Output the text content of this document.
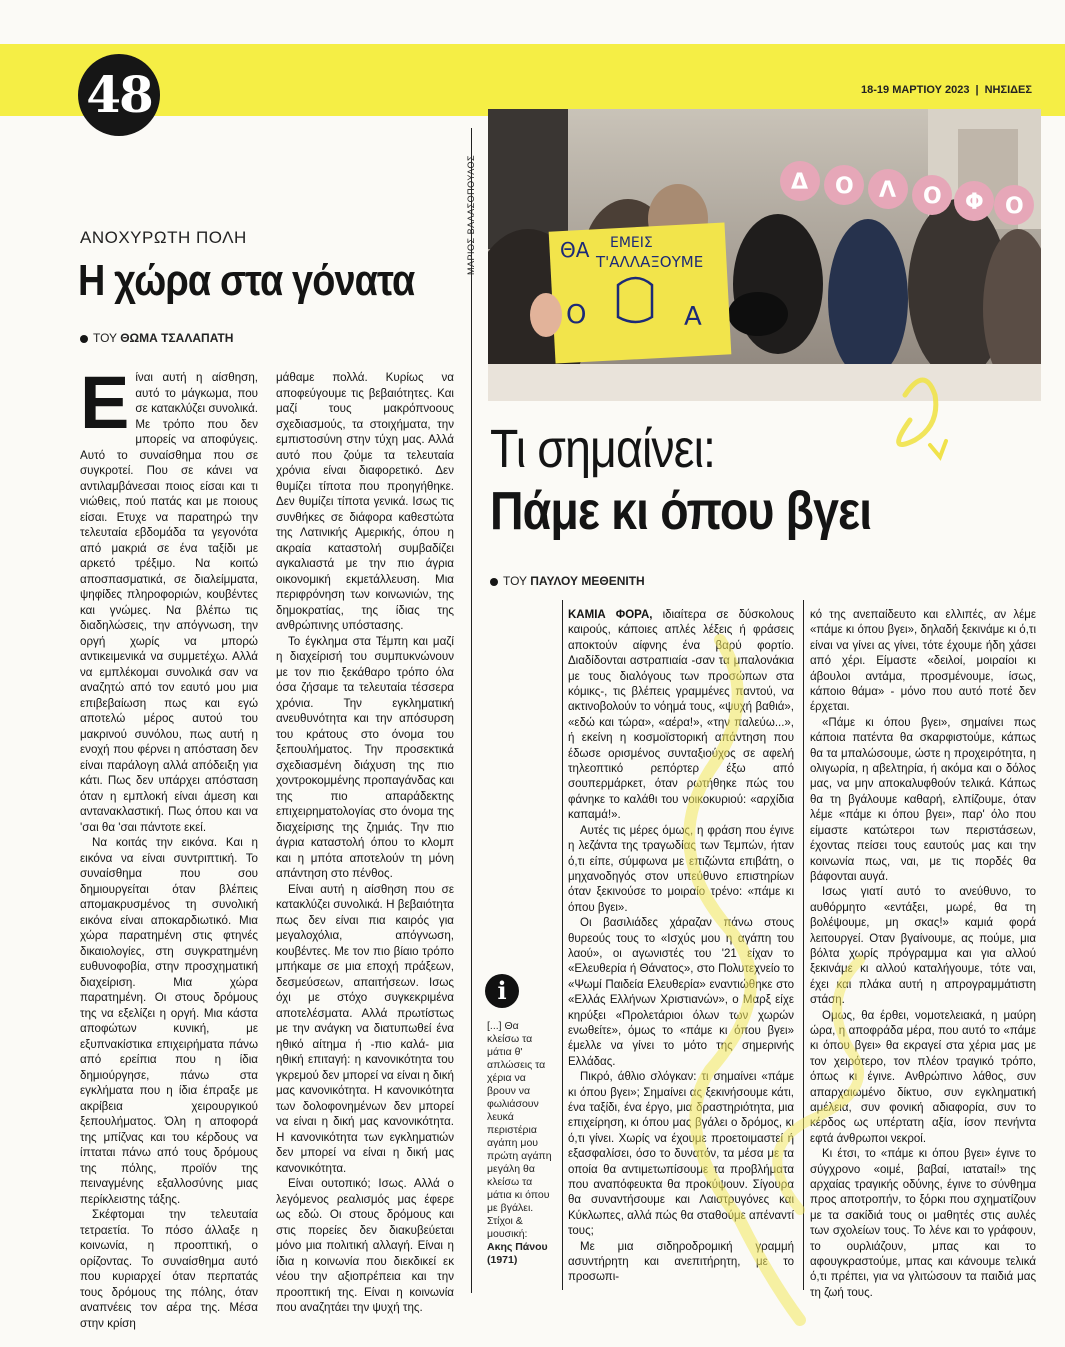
48	18-19 ΜΑΡΤΙΟΥ 2023 | ΝΗΣΙΔΕΣ
ΑΝΟΧΥΡΩΤΗ ΠΟΛΗ
Η χώρα στα γόνατα
ΤΟΥ ΘΩΜΑ ΤΣΑΛΑΠΑΤΗ

Είναι αυτή η αίσθηση, αυτό το μάγκωμα, που σε κατακλύζει συνολικά. Με τρόπο που δεν μπορείς να αποφύγεις. Αυτό το συναίσθημα που σε συγκροτεί. Που σε κάνει να αντιλαμβάνεσαι ποιος είσαι και τι νιώθεις, πού πατάς και με ποιους είσαι. Ετυχε να παρατηρώ την τελευταία εβδομάδα τα γεγονότα από μακριά σε ένα ταξίδι με αρκετό τρέξιμο. Να κοιτώ αποσπασματικά, σε διαλείμματα, ψηφίδες πληροφοριών, κουβέντες και γνώμες. Να βλέπω τις διαδηλώσεις, την απόγνωση, την οργή χωρίς να μπορώ αντικειμενικά να συμμετέχω. Αλλά να εμπλέκομαι συνολικά σαν να αναζητώ από τον εαυτό μου μια επιβεβαίωση πως και εγώ αποτελώ μέρος αυτού του μακρινού συνόλου, πως αυτή η ενοχή που φέρνει η απόσταση δεν είναι παράλογη αλλά απόδειξη για κάτι. Πως δεν υπάρχει απόσταση όταν η εμπλοκή είναι άμεση και αντανακλαστική. Πως όπου και να 'σαι θα 'σαι πάντοτε εκεί.

Να κοιτάς την εικόνα. Και η εικόνα να είναι συντριπτική. Το συναίσθημα που σου δημιουργείται όταν βλέπεις απομακρυσμένος τη συνολική εικόνα είναι αποκαρδιωτικό. Μια χώρα παρατημένη στις φτηνές δικαιολογίες, στη συγκρατημένη ευθυνοφοβία, στην προσχηματική διαχείριση. Μια χώρα παρατημένη. Οι στους δρόμους της να εξελίζει η οργή. Μια κάστα αποφώτων κυνική, με εξυπνακίστικα επιχειρήματα πάνω από ερείπια που η ίδια δημιούργησε, πάνω στα εγκλήματα που η ίδια έπραξε με ακρίβεια χειρουργικού ξεπουλήματος. Όλη η αποφορά της μπίζνας και του κέρδους να ίπταται πάνω από τους δρόμους της πόλης, προϊόν της πειναγμένης εξαλλοσύνης μιας περίκλειστης τάξης.

Σκέφτομαι την τελευταία τετραετία. Το πόσο άλλαξε η κοινωνία, η προοπτική, ο ορίζοντας. Το συναίσθημα αυτό που κυριαρχεί όταν περπατάς τους δρόμους της πόλης, όταν αναπνέεις τον αέρα της. Μέσα στην κρίση

μάθαμε πολλά. Κυρίως να αποφεύγουμε τις βεβαιότητες. Και μαζί τους μακρόπνοους σχεδιασμούς, τα στοιχήματα, την εμπιστοσύνη στην τύχη μας. Αλλά αυτό που ζούμε τα τελευταία χρόνια είναι διαφορετικό. Δεν θυμίζει τίποτα που προηγήθηκε. Δεν θυμίζει τίποτα γενικά. Ισως τις συνθήκες σε διάφορα καθεστώτα της Λατινικής Αμερικής, όπου η ακραία καταστολή συμβαδίζει αγκαλιαστά με την πιο άγρια οικονομική εκμετάλλευση. Μια περιφρόνηση των κοινωνιών, της δημοκρατίας, της ίδιας της ανθρώπινης υπόστασης.

Το έγκλημα στα Τέμπη και μαζί η διαχείρισή του συμπυκνώνουν με τον πιο ξεκάθαρο τρόπο όλα όσα ζήσαμε τα τελευταία τέσσερα χρόνια. Την εγκληματική ανευθυνότητα και την απόσυρση του κράτους στο όνομα του ξεπουλήματος. Την προσεκτικά σχεδιασμένη διάχυση της πιο χοντροκομμένης προπαγάνδας και της πιο απαράδεκτης επιχειρηματολογίας στο όνομα της διαχείρισης της ζημιάς. Την πιο άγρια καταστολή όπου το κλομπ και η μπότα αποτελούν τη μόνη απάντηση στο πένθος.

Είναι αυτή η αίσθηση που σε κατακλύζει συνολικά. Η βεβαιότητα πως δεν είναι πια καιρός για μεγαλοχόλια, απόγνωση, κουβέντες. Με τον πιο βίαιο τρόπο μπήκαμε σε μια εποχή πράξεων, δεσμεύσεων, απαιτήσεων. Ισως όχι με στόχο συγκεκριμένα αποτελέσματα. Αλλά πρωτίστως με την ανάγκη να διατυπωθεί ένα ηθικό αίτημα ή -πιο καλά- μια ηθική επιταγή: η κανονικότητα του γκρεμού δεν μπορεί να είναι η δική μας κανονικότητα. Η κανονικότητα των δολοφονημένων δεν μπορεί να είναι η δική μας κανονικότητα. Η κανονικότητα των εγκληματιών δεν μπορεί να είναι η δική μας κανονικότητα.

Είναι ουτοπικό; Ισως. Αλλά ο λεγόμενος ρεαλισμός μας έφερε ως εδώ. Οι στους δρόμους και στις πορείες δεν διακυβεύεται μόνο μια πολιτική αλλαγή. Είναι η ίδια η κοινωνία που διεκδικεί εκ νέου την αξιοπρέπεια και την προοπτική της. Είναι η κοινωνία που αναζητάει την ψυχή της.

ΘΑ ΕΜΕΙΣ
Τ'ΑΛΛΑΞΟΥΜΕ
Ο	Α
Δ Ο Λ Ο Φ Ο
ΜΑΡΙΟΣ ΒΑΛΑΣΟΠΟΥΛΟΣ
Τι σημαίνει:
Πάμε κι όπου βγει
ΤΟΥ ΠΑΥΛΟΥ ΜΕΘΕΝΙΤΗ
i
[...] Θα κλείσω τα μάτια θ' απλώσεις τα χέρια να βρουν να φωλιάσουν λευκά περιστέρια αγάπη μου πρώτη αγάπη μεγάλη θα κλείσω τα μάτια κι όπου με βγάλει.
Στίχοι & μουσική:
Ακης Πάνου
(1971)

ΚΑΜΙΑ ΦΟΡΑ, ιδιαίτερα σε δύσκολους καιρούς, κάποιες απλές λέξεις ή φράσεις αποκτούν αίφνης ένα βαρύ φορτίο. Διαδίδονται αστραπιαία -σαν τα μπαλονάκια με τους διαλόγους των προσώπων στα κόμικς-, τις βλέπεις γραμμένες παντού, να ακτινοβολούν το νόημά τους, «ψυχή βαθιά», «εδώ και τώρα», «αέρα!», «την παλεύω...», ή εκείνη η κοσμοϊστορική απάντηση που έδωσε ορισμένος συνταξιούχος σε αφελή τηλεοπτικό ρεπόρτερ έξω από σουπερμάρκετ, όταν ρωτήθηκε πώς του φάνηκε το καλάθι του νοικοκυριού: «αρχίδια καπαμά!».

Αυτές τις μέρες όμως, η φράση που έγινε η λεζάντα της τραγωδίας των Τεμπών, ήταν ό,τι είπε, σύμφωνα με επιζώντα επιβάτη, ο μηχανοδηγός στον υπεύθυνο επιστηρίων όταν ξεκινούσε το μοιραίο τρένο: «πάμε κι όπου βγει».

Οι βασιλιάδες χάραζαν πάνω στους θυρεούς τους το «Ισχύς μου η αγάπη του λαού», οι αγωνιστές του '21 είχαν το «Ελευθερία ή Θάνατος», στο Πολυτεχνείο το «Ψωμί Παιδεία Ελευθερία» εναντιώθηκε στο «Ελλάς Ελλήνων Χριστιανών», ο Μαρξ είχε κηρύξει «Προλετάριοι όλων των χωρών ενωθείτε», όμως το «πάμε κι όπου βγει» έμελλε να γίνει το μότο της σημερινής Ελλάδας.

Πικρό, άθλιο σλόγκαν: τι σημαίνει «πάμε κι όπου βγει»; Σημαίνει ας ξεκινήσουμε κάτι, ένα ταξίδι, ένα έργο, μια δραστηριότητα, μια επιχείρηση, κι όπου μας βγάλει ο δρόμος, κι ό,τι γίνει. Χωρίς να έχουμε προετοιμαστεί ή εξασφαλίσει, όσο το δυνατόν, τα μέσα με τα οποία θα αντιμετωπίσουμε τα προβλήματα που αναπόφευκτα θα προκύψουν. Σίγουρα θα συναντήσουμε και Λαιστρυγόνες και Κύκλωπες, αλλά πώς θα σταθούμε απέναντί τους;

Με μια σιδηροδρομική γραμμή ασυντήρητη και ανεπιτήρητη, με το προσωπι-

κό της ανεπαίδευτο και ελλιπές, αν λέμε «πάμε κι όπου βγει», δηλαδή ξεκινάμε κι ό,τι είναι να γίνει ας γίνει, τότε έχουμε ήδη χάσει από χέρι. Είμαστε «δειλοί, μοιραίοι κι άβουλοι αντάμα, προσμένουμε, ίσως, κάποιο θάμα» - μόνο που αυτό ποτέ δεν έρχεται.

«Πάμε κι όπου βγει», σημαίνει πως κάποια πατέντα θα σκαρφιστούμε, κάπως θα τα μπαλώσουμε, ώστε η προχειρότητα, η ολιγωρία, η αβελτηρία, ή ακόμα και ο δόλος μας, να μην αποκαλυφθούν τελικά. Κάπως θα τη βγάλουμε καθαρή, ελπίζουμε, όταν λέμε «πάμε κι όπου βγει», παρ' όλο που είμαστε κατώτεροι των περιστάσεων, έχοντας πείσει τους εαυτούς μας και την κοινωνία πως, ναι, με τις πορδές θα βάφονται αυγά.

Ισως γιατί αυτό το ανεύθυνο, το αυθόρμητο «εντάξει, μωρέ, θα τη βολέψουμε, μη σκας!» καμιά φορά λειτουργεί. Οταν βγαίνουμε, ας πούμε, μια βόλτα χωρίς πρόγραμμα και για αλλού ξεκινάμε κι αλλού καταλήγουμε, τότε ναι, έχει και πλάκα αυτή η απρογραμμάτιστη στάση.

Ομως, θα έρθει, νομοτελειακά, η μαύρη ώρα, η αποφράδα μέρα, που αυτό το «πάμε κι όπου βγει» θα εκραγεί στα χέρια μας με τον χειρότερο, τον πλέον τραγικό τρόπο, όπως κι έγινε. Ανθρώπινο λάθος, συν απαρχαιωμένο δίκτυο, συν εγκληματική αμέλεια, συν φονική αδιαφορία, συν το κέρδος ως υπέρτατη αξία, ίσον πενήντα εφτά άνθρωποι νεκροί.

Κι έτσι, το «πάμε κι όπου βγει» έγινε το σύγχρονο «οιμέ, βαβαί, ιατατaί!» της αρχαίας τραγικής οδύνης, έγινε το σύνθημα προς αποτροπήν, το ξόρκι που σχηματίζουν με τα σακίδιά τους οι μαθητές στις αυλές των σχολείων τους. Το λένε και το γράφουν, το ουρλιάζουν, μπας και το αφουγκραστούμε, μπας και κάνουμε τελικά ό,τι πρέπει, για να γλιτώσουν τα παιδιά μας τη ζωή τους.
